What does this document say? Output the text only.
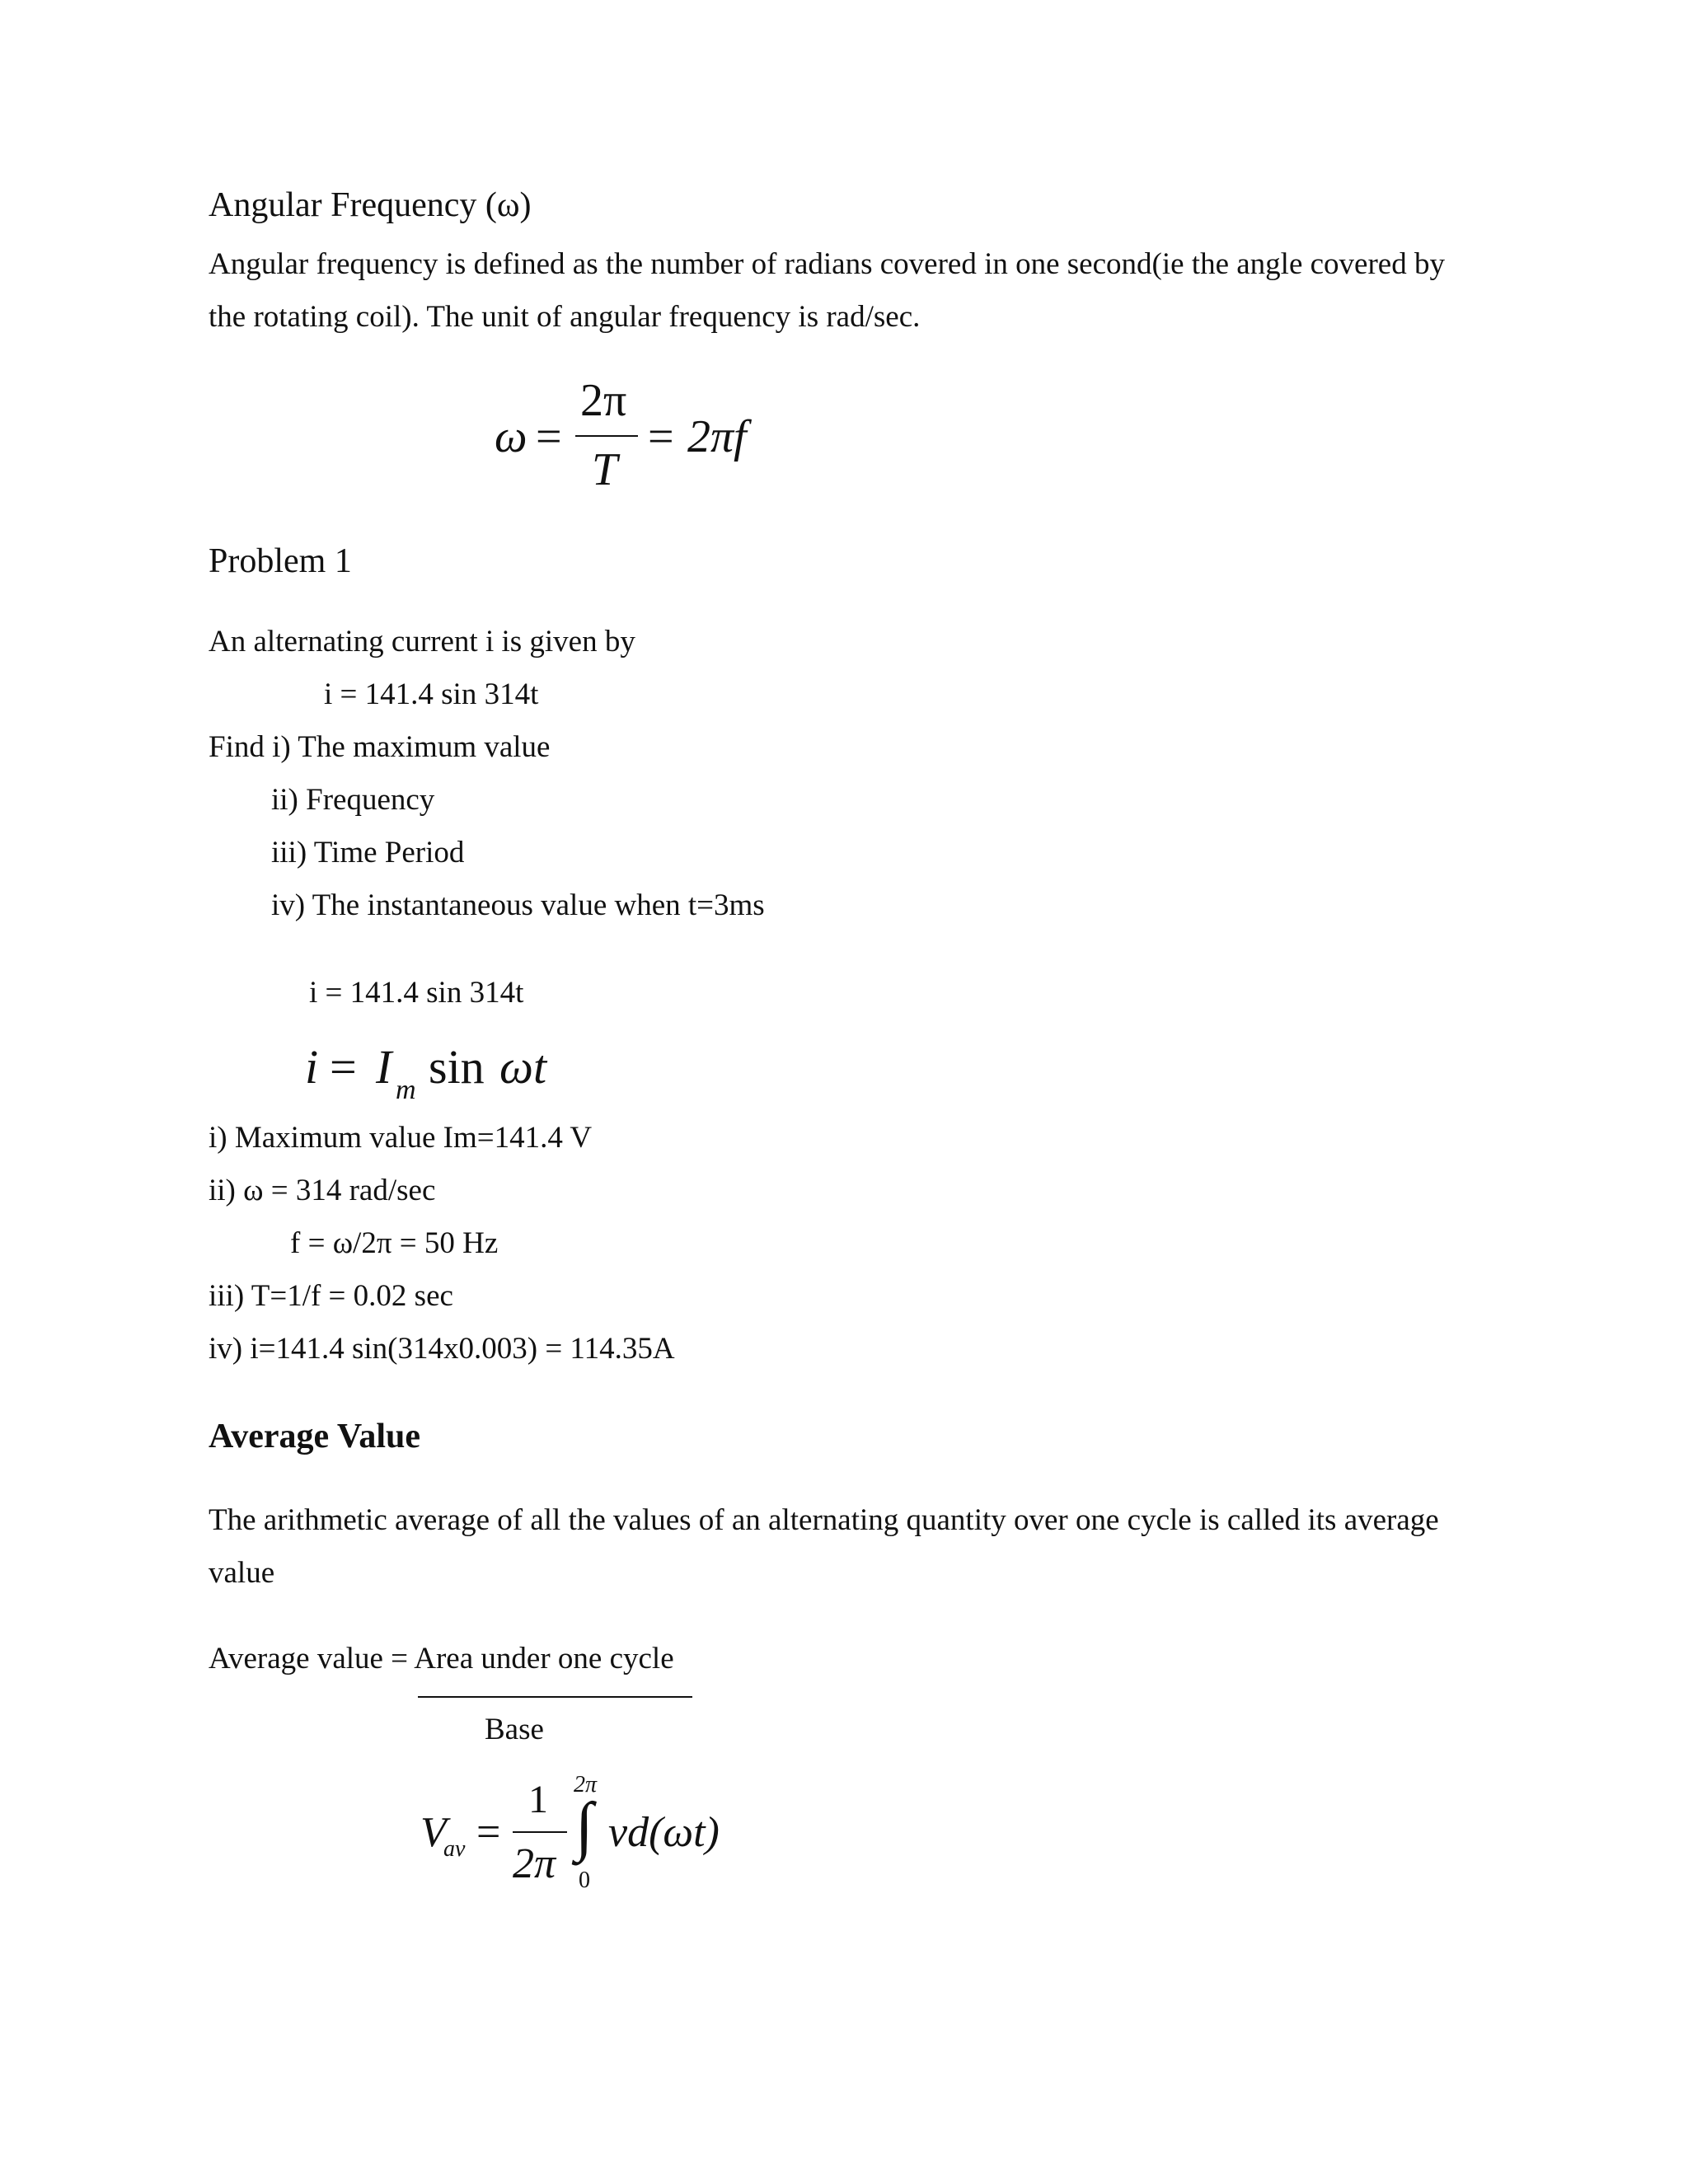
Angular Frequency (ω)
Angular frequency is defined as the number of radians covered in one second(ie the angle covered by
the rotating coil). The unit of angular frequency is rad/sec.
ω =
2π
T
= 2πf
Problem 1
An alternating current i is given by
i = 141.4 sin 314t
Find i) The maximum value
ii) Frequency
iii) Time Period
iv) The instantaneous value when t=3ms
i = 141.4 sin 314t
i = I m sin ωt
i) Maximum value Im=141.4 V
ii) ω = 314 rad/sec
f = ω/2π = 50 Hz
iii) T=1/f = 0.02 sec
iv) i=141.4 sin(314x0.003) = 114.35A
Average Value
The arithmetic average of all the values of an alternating quantity over one cycle is called its average
value
Average value = Area under one cycle
Base
V
av =
1
2π
2π
∫
0
vd(ωt)
